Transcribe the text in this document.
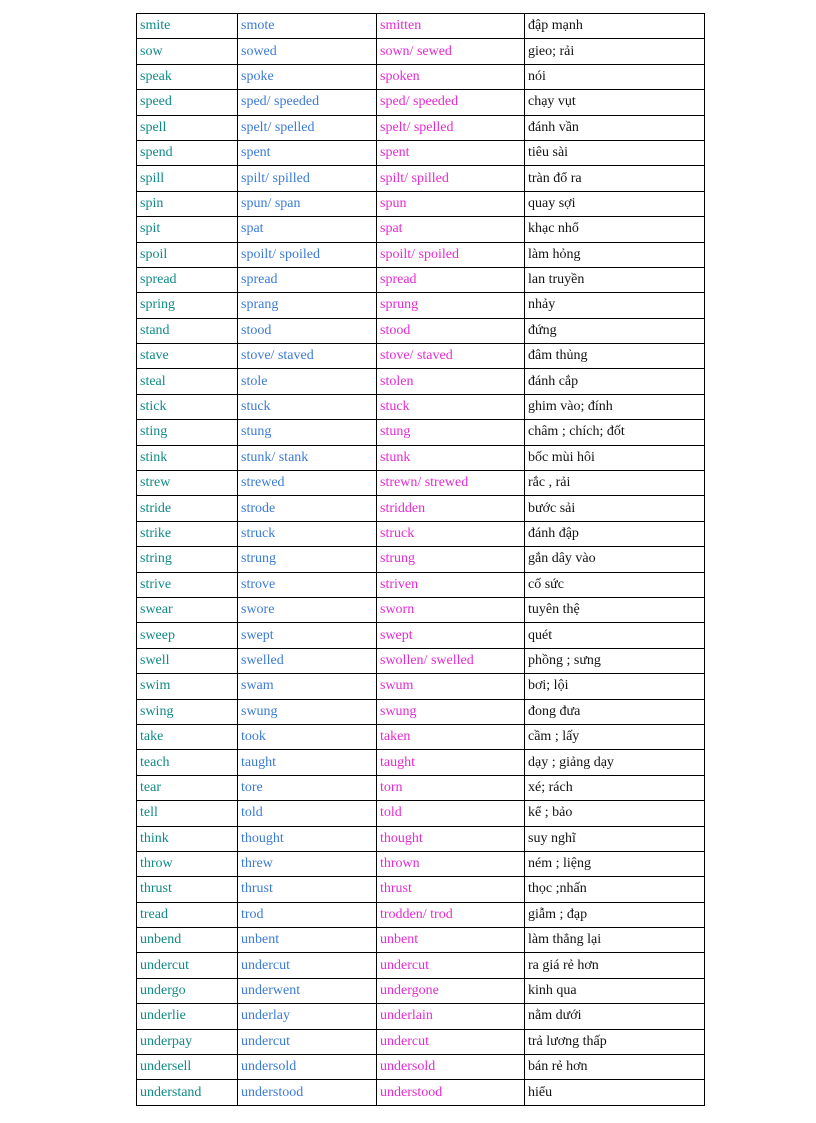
smite	smote	smitten	đập mạnh
sow	sowed	sown/ sewed	gieo; rải
speak	spoke	spoken	nói
speed	sped/ speeded	sped/ speeded	chạy vụt
spell	spelt/ spelled	spelt/ spelled	đánh vần
spend	spent	spent	tiêu sài
spill	spilt/ spilled	spilt/ spilled	tràn đổ ra
spin	spun/ span	spun	quay sợi
spit	spat	spat	khạc nhổ
spoil	spoilt/ spoiled	spoilt/ spoiled	làm hỏng
spread	spread	spread	lan truyền
spring	sprang	sprung	nhảy
stand	stood	stood	đứng
stave	stove/ staved	stove/ staved	đâm thủng
steal	stole	stolen	đánh cắp
stick	stuck	stuck	ghim vào; đính
sting	stung	stung	châm ; chích; đốt
stink	stunk/ stank	stunk	bốc mùi hôi
strew	strewed	strewn/ strewed	rắc , rải
stride	strode	stridden	bước sải
strike	struck	struck	đánh đập
string	strung	strung	gắn dây vào
strive	strove	striven	cố sức
swear	swore	sworn	tuyên thệ
sweep	swept	swept	quét
swell	swelled	swollen/ swelled	phồng ; sưng
swim	swam	swum	bơi; lội
swing	swung	swung	đong đưa
take	took	taken	cầm ; lấy
teach	taught	taught	dạy ; giảng dạy
tear	tore	torn	xé; rách
tell	told	told	kể ; bảo
think	thought	thought	suy nghĩ
throw	threw	thrown	ném ; liệng
thrust	thrust	thrust	thọc ;nhấn
tread	trod	trodden/ trod	giẫm ; đạp
unbend	unbent	unbent	làm thẳng lại
undercut	undercut	undercut	ra giá rẻ hơn
undergo	underwent	undergone	kinh qua
underlie	underlay	underlain	nằm dưới
underpay	undercut	undercut	trả lương thấp
undersell	undersold	undersold	bán rẻ hơn
understand	understood	understood	hiểu
